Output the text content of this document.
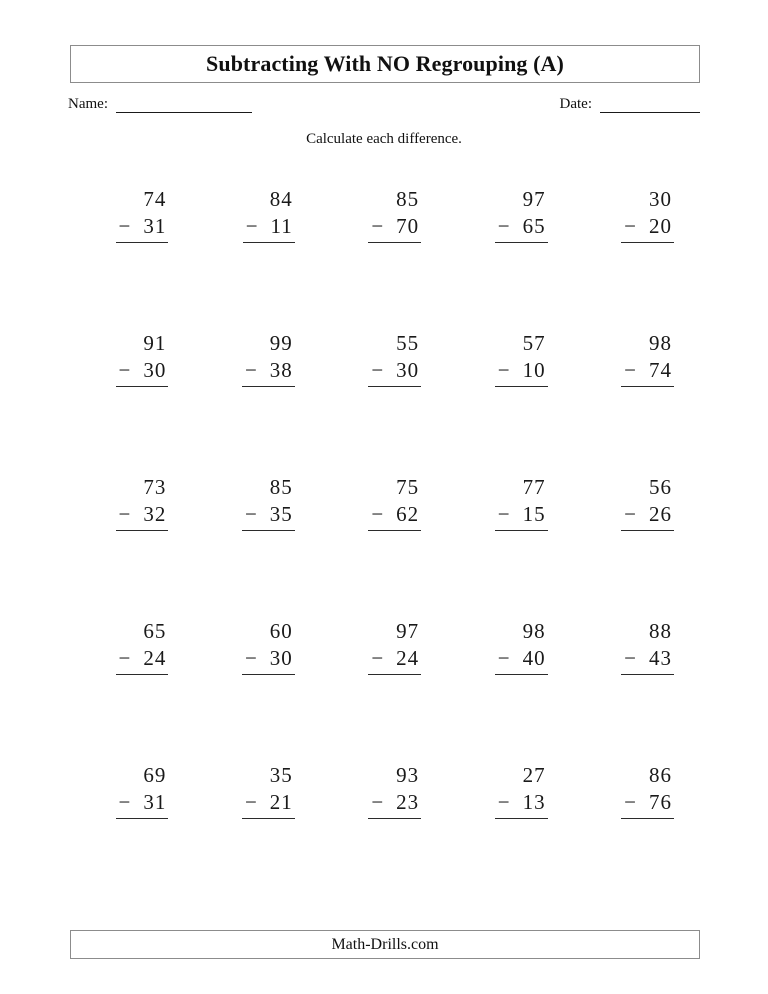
Subtracting With NO Regrouping (A)
Name:	Date:
Calculate each difference.
74
− 31
84
− 11
85
− 70
97
− 65
30
− 20
91
− 30
99
− 38
55
− 30
57
− 10
98
− 74
73
− 32
85
− 35
75
− 62
77
− 15
56
− 26
65
− 24
60
− 30
97
− 24
98
− 40
88
− 43
69
− 31
35
− 21
93
− 23
27
− 13
86
− 76
Math-Drills.com
